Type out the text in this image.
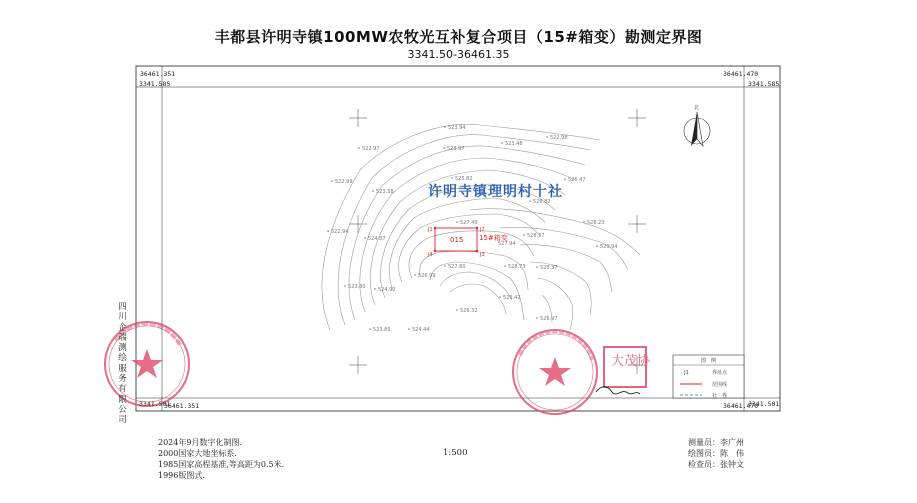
丰都县许明寺镇100MW农牧光互补复合项目（15#箱变）勘测定界图
3341.50-36461.35
523.94
522.97	523.97
523.48
522.98
522.99	525.82
523.38
526.82
526.47
527.49
524.87
522.94
528.23
527.94
528.37
529.94
526.99
527.80	528.73	528.37
523.80	524.92
526.32
526.42
528.97
523.89	524.44
J1	J2
J3
J4
015 15#箱变
许明寺镇理明村十社
北
大茂协	图　例
· J1	界址点
范围线
社　界
36461.351
3341.585
36461.470
3341.585
3341.501
36461.351	3341.501
36461.470
四
川
企
瑞
测
绘
服
务
有
限
公
司
2024年9月数字化制图.
2000国家大地坐标系.
1985国家高程基准,等高距为0.5米.
1996版图式.
1:500
测量员：李广州
绘图员：陈　伟
检查员：张钟文
